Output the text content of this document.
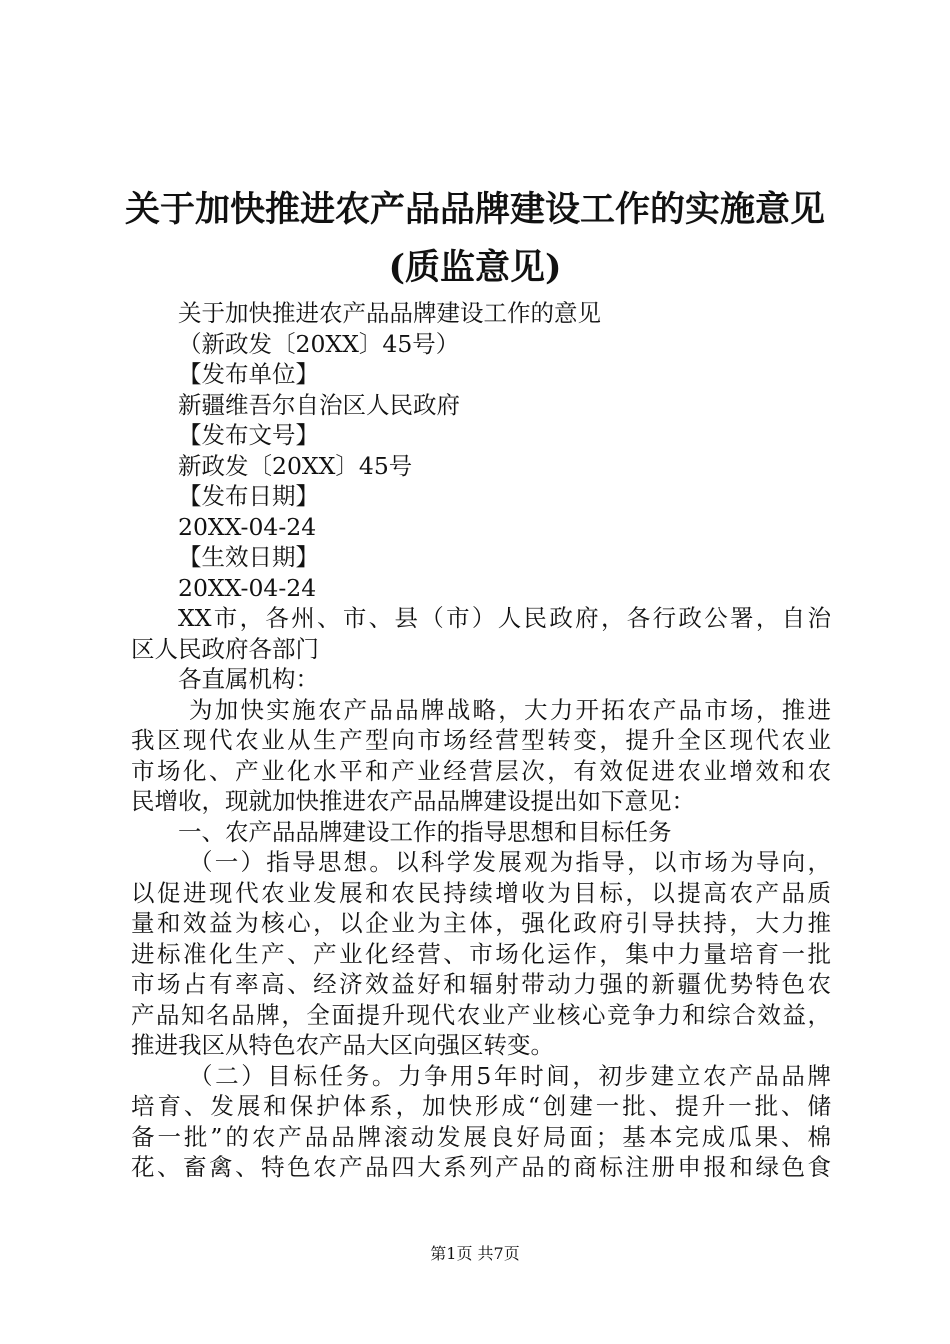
关于加快推进农产品品牌建设工作的实施意见
(质监意见)
关于加快推进农产品品牌建设工作的意见
（新政发〔20XX〕45号）
【发布单位】
新疆维吾尔自治区人民政府
【发布文号】
新政发〔20XX〕45号
【发布日期】
20XX-04-24
【生效日期】
20XX-04-24
XX市，各州、市、县（市）人民政府，各行政公署，自治
区人民政府各部门
各直属机构：
为加快实施农产品品牌战略，大力开拓农产品市场，推进
我区现代农业从生产型向市场经营型转变，提升全区现代农业
市场化、产业化水平和产业经营层次，有效促进农业增效和农
民增收，现就加快推进农产品品牌建设提出如下意见：
一、农产品品牌建设工作的指导思想和目标任务
（一）指导思想。以科学发展观为指导，以市场为导向，
以促进现代农业发展和农民持续增收为目标，以提高农产品质
量和效益为核心，以企业为主体，强化政府引导扶持，大力推
进标准化生产、产业化经营、市场化运作，集中力量培育一批
市场占有率高、经济效益好和辐射带动力强的新疆优势特色农
产品知名品牌，全面提升现代农业产业核心竞争力和综合效益，
推进我区从特色农产品大区向强区转变。
（二）目标任务。力争用5年时间，初步建立农产品品牌
培育、发展和保护体系，加快形成“创建一批、提升一批、储
备一批”的农产品品牌滚动发展良好局面；基本完成瓜果、棉
花、畜禽、特色农产品四大系列产品的商标注册申报和绿色食
第1页 共7页
